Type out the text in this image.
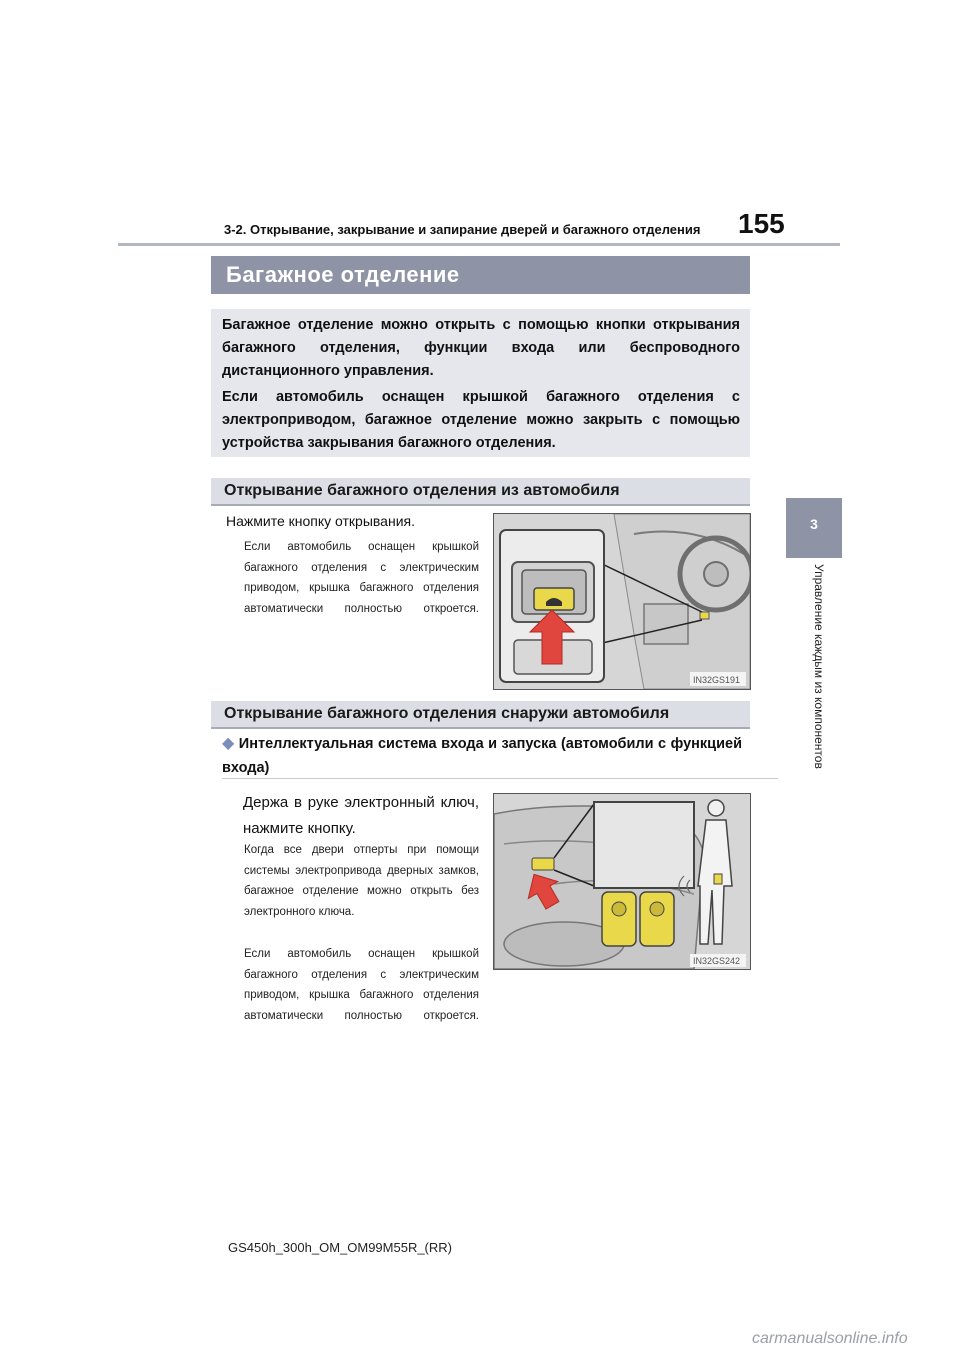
3-2. Открывание, закрывание и запирание дверей и багажного отделения 155
3
Управление каждым из компонентов
Багажное отделение
Багажное отделение можно открыть с помощью кнопки открывания багажного отделения, функции входа или беспроводного дистанционного управления.
Если автомобиль оснащен крышкой багажного отделения с электроприводом, багажное отделение можно закрыть с помощью устройства закрывания багажного отделения.
Открывание багажного отделения из автомобиля
Нажмите кнопку открывания.
Если автомобиль оснащен крышкой багажного отделения с электрическим приводом, крышка багажного отделения автоматически полностью откроется.
IN32GS191
Открывание багажного отделения снаружи автомобиля
◆ Интеллектуальная система входа и запуска (автомобили с функцией входа)
Держа в руке электронный ключ, нажмите кнопку.
Когда все двери отперты при помощи системы электропривода дверных замков, багажное отделение можно открыть без электронного ключа.
Если автомобиль оснащен крышкой багажного отделения с электрическим приводом, крышка багажного отделения автоматически полностью откроется.
IN32GS242
GS450h_300h_OM_OM99M55R_(RR)
carmanualsonline.info
